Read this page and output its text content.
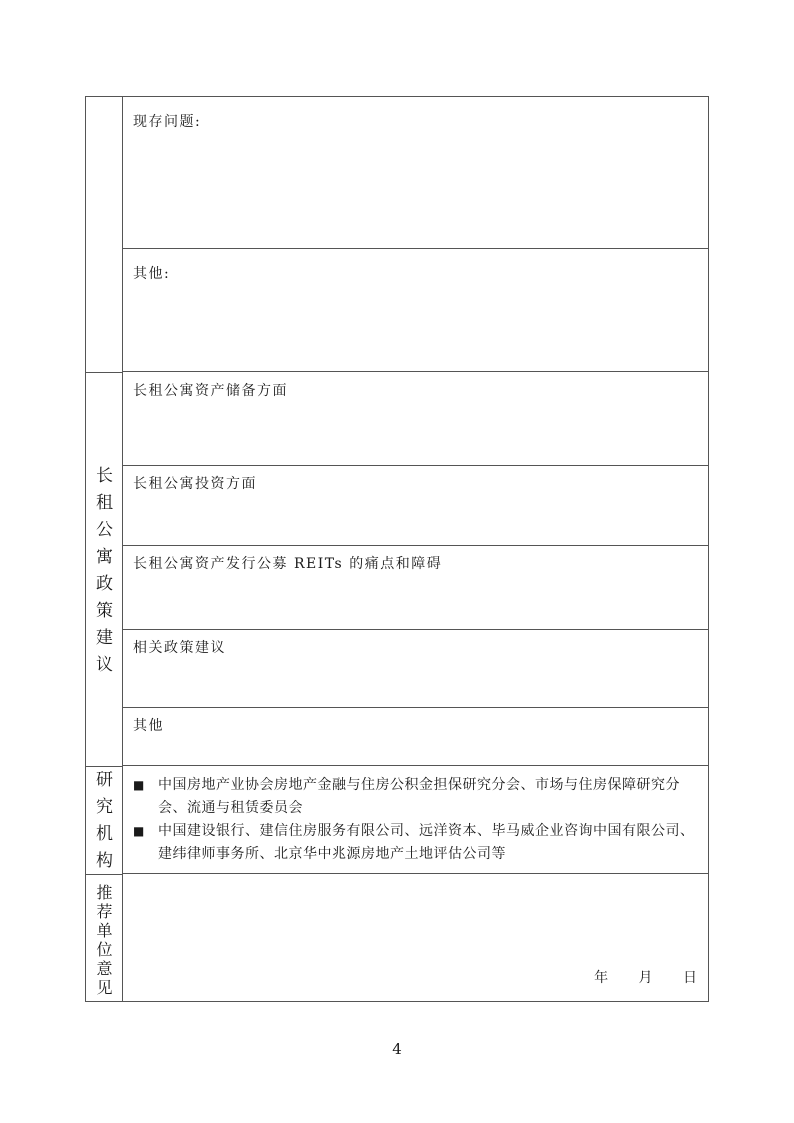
长
租
公
寓
政
策
建
议
研
究
机
构
推
荐
单
位
意
见
现存问题:
其他:
长租公寓资产储备方面
长租公寓投资方面
长租公寓资产发行公募 REITs 的痛点和障碍
相关政策建议
其他
■ 中国房地产业协会房地产金融与住房公积金担保研究分会、市场与住房保障研究分会、流通与租赁委员会
■ 中国建设银行、建信住房服务有限公司、远洋资本、毕马威企业咨询中国有限公司、建纬律师事务所、北京华中兆源房地产土地评估公司等
年 月 日
4
